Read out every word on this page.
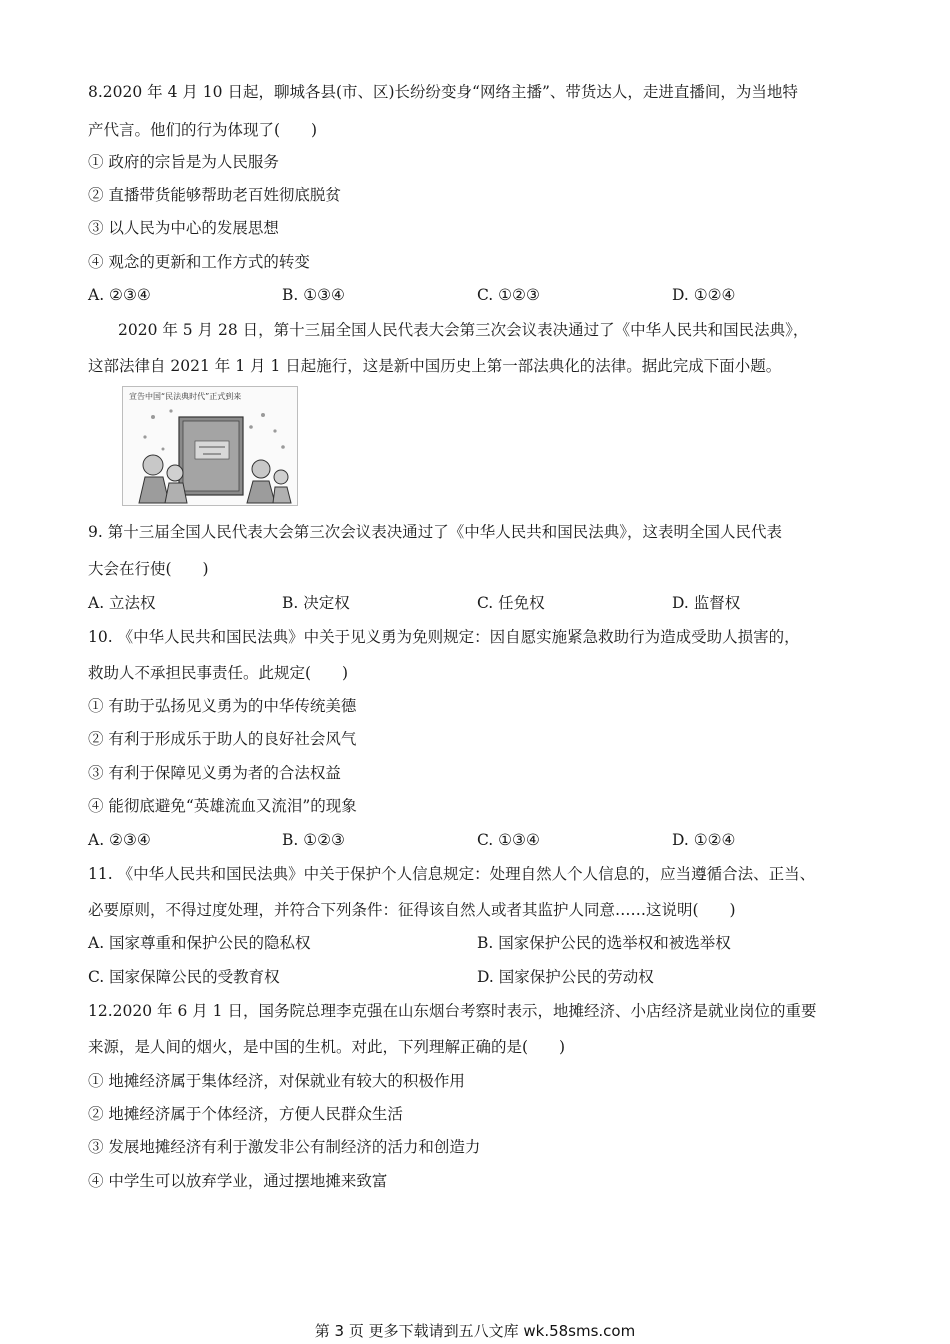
8.2020 年 4 月 10 日起，聊城各县(市、区)长纷纷变身“网络主播”、带货达人，走进直播间，为当地特
产代言。他们的行为体现了(　　)
① 政府的宗旨是为人民服务
② 直播带货能够帮助老百姓彻底脱贫
③ 以人民为中心的发展思想
④ 观念的更新和工作方式的转变
A. ②③④	B. ①③④	C. ①②③	D. ①②④
2020 年 5 月 28 日，第十三届全国人民代表大会第三次会议表决通过了《中华人民共和国民法典》，
这部法律自 2021 年 1 月 1 日起施行，这是新中国历史上第一部法典化的法律。据此完成下面小题。
宣告中国“民法典时代”正式到来
9. 第十三届全国人民代表大会第三次会议表决通过了《中华人民共和国民法典》，这表明全国人民代表
大会在行使(　　)
A. 立法权	B. 决定权	C. 任免权	D. 监督权
10. 《中华人民共和国民法典》中关于见义勇为免则规定：因自愿实施紧急救助行为造成受助人损害的，
救助人不承担民事责任。此规定(　　)
① 有助于弘扬见义勇为的中华传统美德
② 有利于形成乐于助人的良好社会风气
③ 有利于保障见义勇为者的合法权益
④ 能彻底避免“英雄流血又流泪”的现象
A. ②③④	B. ①②③	C. ①③④	D. ①②④
11. 《中华人民共和国民法典》中关于保护个人信息规定：处理自然人个人信息的，应当遵循合法、正当、
必要原则，不得过度处理，并符合下列条件：征得该自然人或者其监护人同意……这说明(　　)
A. 国家尊重和保护公民的隐私权	B. 国家保护公民的选举权和被选举权
C. 国家保障公民的受教育权	D. 国家保护公民的劳动权
12.2020 年 6 月 1 日，国务院总理李克强在山东烟台考察时表示，地摊经济、小店经济是就业岗位的重要
来源，是人间的烟火，是中国的生机。对此，下列理解正确的是(　　)
① 地摊经济属于集体经济，对保就业有较大的积极作用
② 地摊经济属于个体经济，方便人民群众生活
③ 发展地摊经济有利于激发非公有制经济的活力和创造力
④ 中学生可以放弃学业，通过摆地摊来致富
第 3 页 更多下载请到五八文库 wk.58sms.com
